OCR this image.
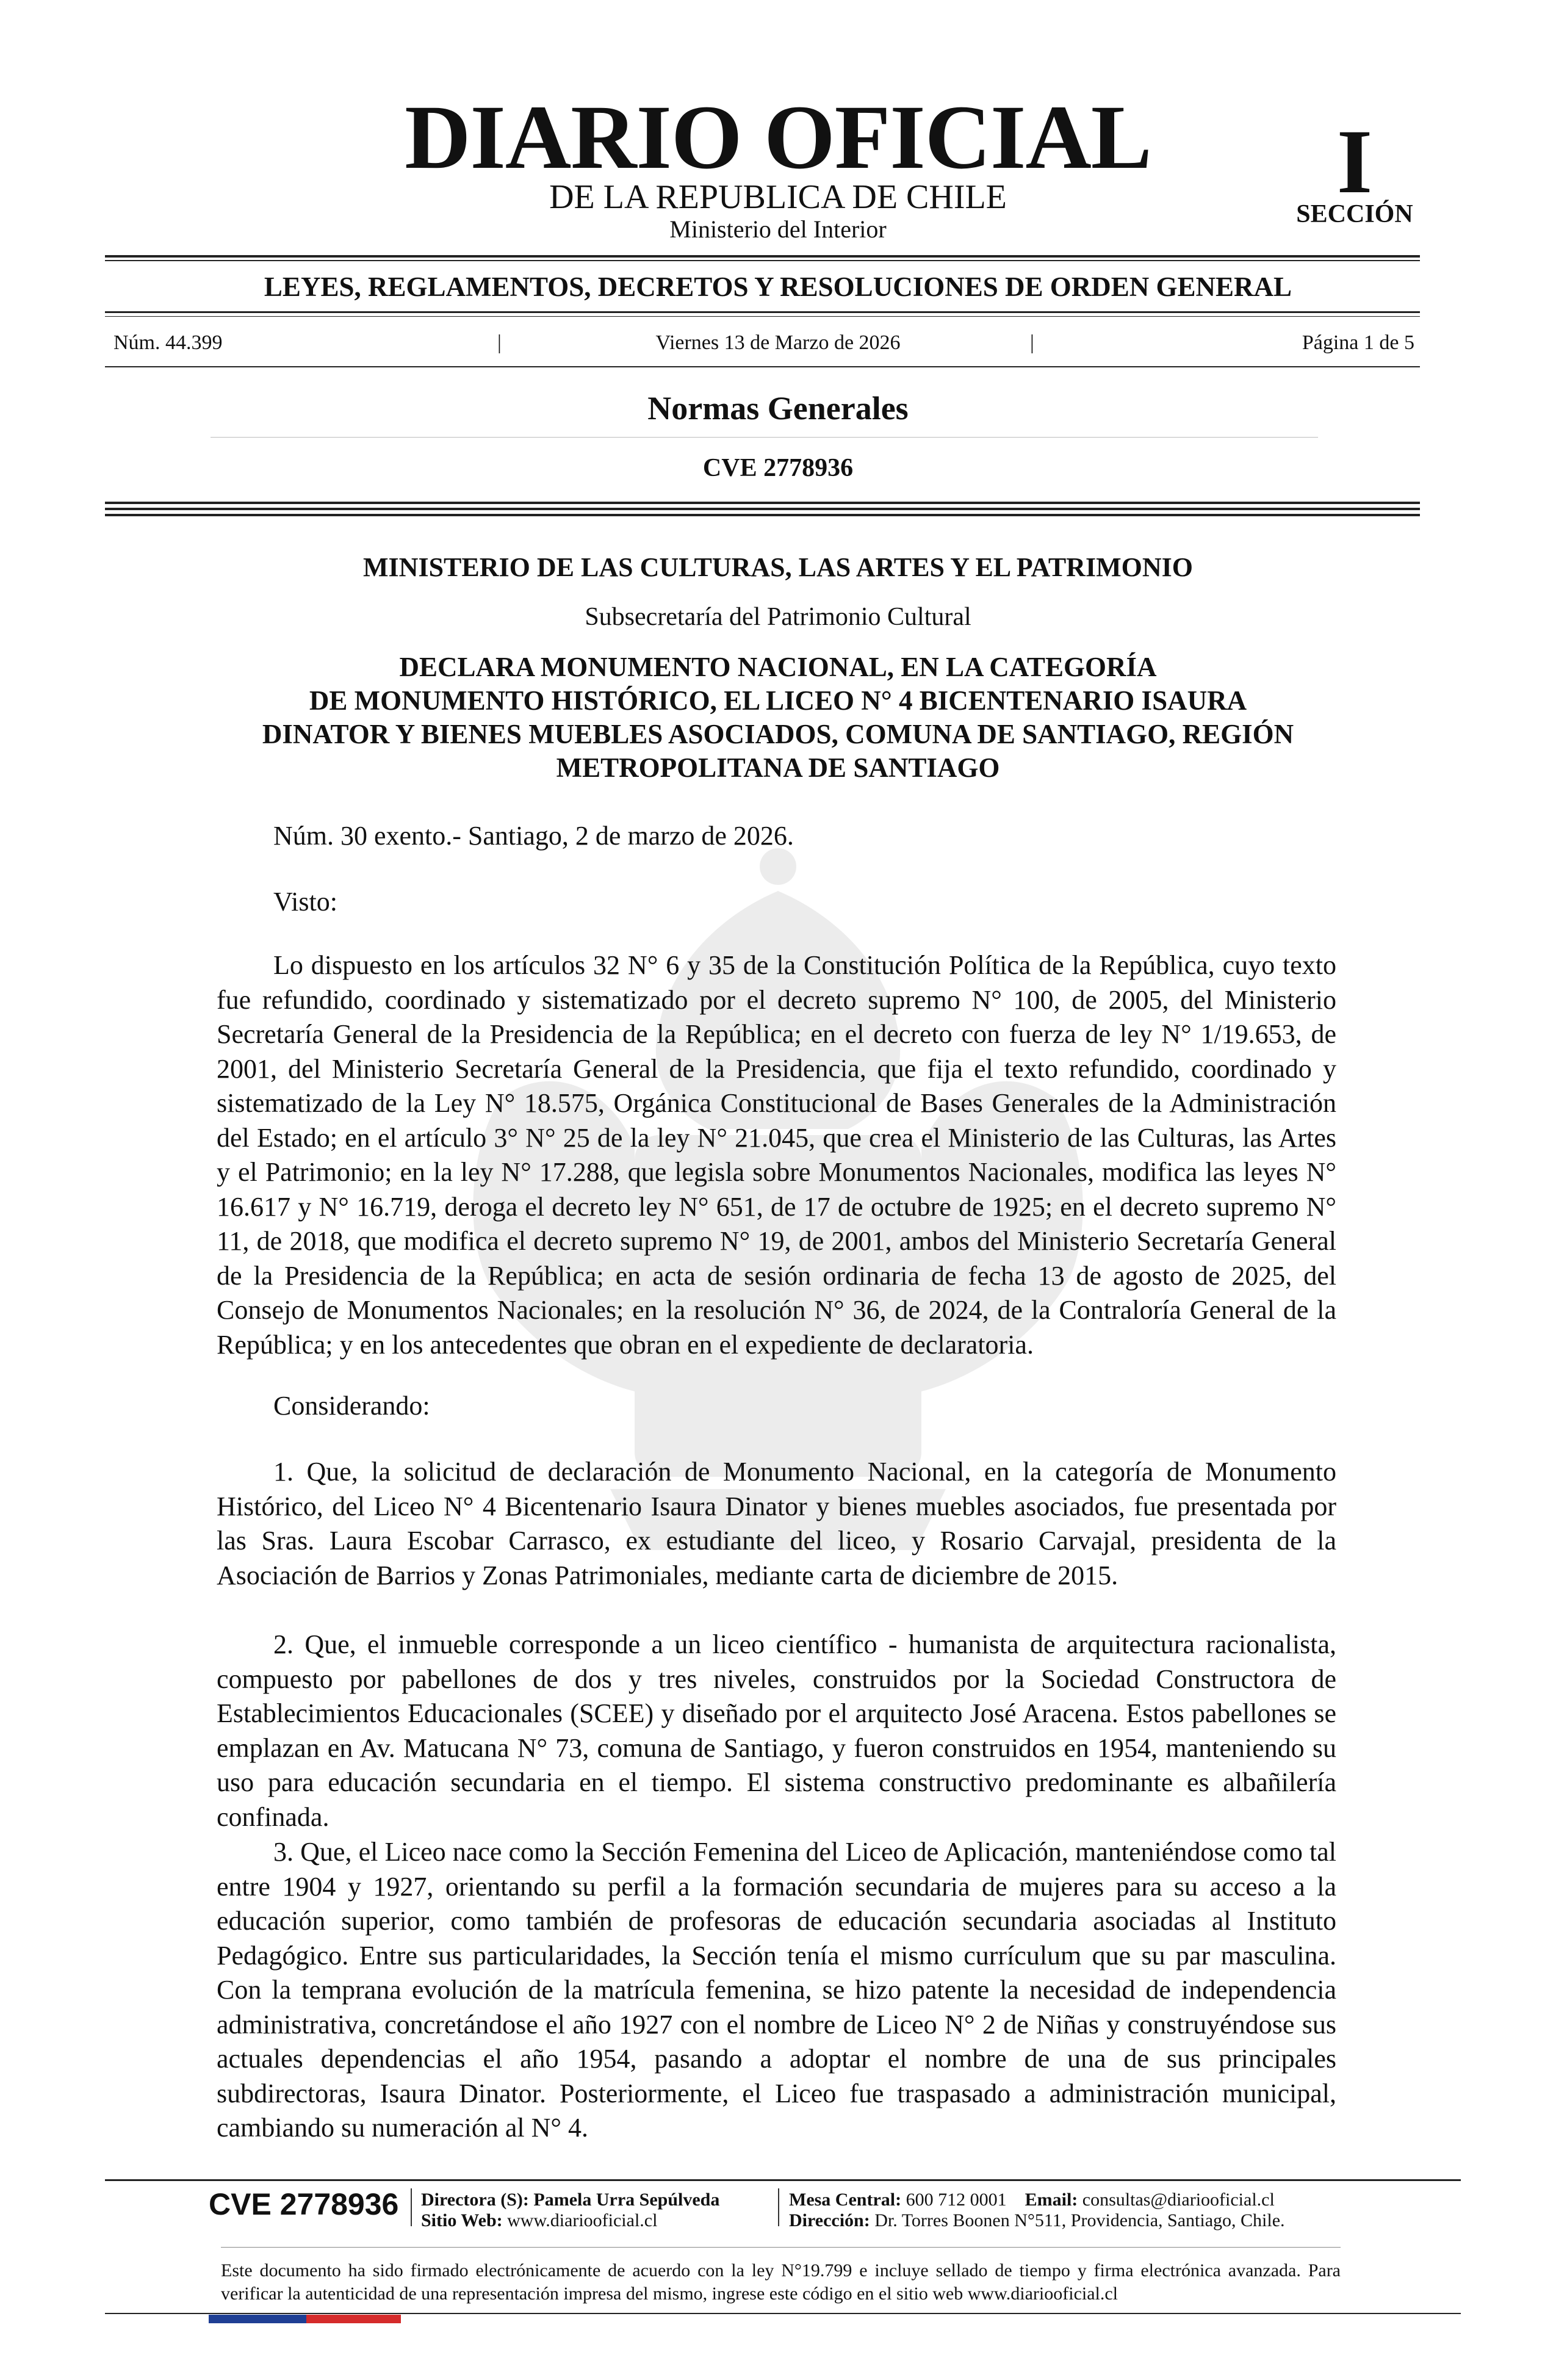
DIARIO OFICIAL
DE LA REPUBLICA DE CHILE
Ministerio del Interior
I
SECCIÓN
LEYES, REGLAMENTOS, DECRETOS Y RESOLUCIONES DE ORDEN GENERAL
Núm. 44.399	|	Viernes 13 de Marzo de 2026	|	Página 1 de 5
Normas Generales
CVE 2778936
MINISTERIO DE LAS CULTURAS, LAS ARTES Y EL PATRIMONIO
Subsecretaría del Patrimonio Cultural
DECLARA MONUMENTO NACIONAL, EN LA CATEGORÍA
DE MONUMENTO HISTÓRICO, EL LICEO N° 4 BICENTENARIO ISAURA
DINATOR Y BIENES MUEBLES ASOCIADOS, COMUNA DE SANTIAGO, REGIÓN
METROPOLITANA DE SANTIAGO
Núm. 30 exento.- Santiago, 2 de marzo de 2026.
Visto:
Lo dispuesto en los artículos 32 N° 6 y 35 de la Constitución Política de la República, cuyo texto fue refundido, coordinado y sistematizado por el decreto supremo N° 100, de 2005, del Ministerio Secretaría General de la Presidencia de la República; en el decreto con fuerza de ley N° 1/19.653, de 2001, del Ministerio Secretaría General de la Presidencia, que fija el texto refundido, coordinado y sistematizado de la Ley N° 18.575, Orgánica Constitucional de Bases Generales de la Administración del Estado; en el artículo 3° N° 25 de la ley N° 21.045, que crea el Ministerio de las Culturas, las Artes y el Patrimonio; en la ley N° 17.288, que legisla sobre Monumentos Nacionales, modifica las leyes N° 16.617 y N° 16.719, deroga el decreto ley N° 651, de 17 de octubre de 1925; en el decreto supremo N° 11, de 2018, que modifica el decreto supremo N° 19, de 2001, ambos del Ministerio Secretaría General de la Presidencia de la República; en acta de sesión ordinaria de fecha 13 de agosto de 2025, del Consejo de Monumentos Nacionales; en la resolución N° 36, de 2024, de la Contraloría General de la República; y en los antecedentes que obran en el expediente de declaratoria.
Considerando:
1. Que, la solicitud de declaración de Monumento Nacional, en la categoría de Monumento Histórico, del Liceo N° 4 Bicentenario Isaura Dinator y bienes muebles asociados, fue presentada por las Sras. Laura Escobar Carrasco, ex estudiante del liceo, y Rosario Carvajal, presidenta de la Asociación de Barrios y Zonas Patrimoniales, mediante carta de diciembre de 2015.
2. Que, el inmueble corresponde a un liceo científico - humanista de arquitectura racionalista, compuesto por pabellones de dos y tres niveles, construidos por la Sociedad Constructora de Establecimientos Educacionales (SCEE) y diseñado por el arquitecto José Aracena. Estos pabellones se emplazan en Av. Matucana N° 73, comuna de Santiago, y fueron construidos en 1954, manteniendo su uso para educación secundaria en el tiempo. El sistema constructivo predominante es albañilería confinada.
3. Que, el Liceo nace como la Sección Femenina del Liceo de Aplicación, manteniéndose como tal entre 1904 y 1927, orientando su perfil a la formación secundaria de mujeres para su acceso a la educación superior, como también de profesoras de educación secundaria asociadas al Instituto Pedagógico. Entre sus particularidades, la Sección tenía el mismo currículum que su par masculina. Con la temprana evolución de la matrícula femenina, se hizo patente la necesidad de independencia administrativa, concretándose el año 1927 con el nombre de Liceo N° 2 de Niñas y construyéndose sus actuales dependencias el año 1954, pasando a adoptar el nombre de una de sus principales subdirectoras, Isaura Dinator. Posteriormente, el Liceo fue traspasado a administración municipal, cambiando su numeración al N° 4.
CVE 2778936 Directora (S): Pamela Urra Sepúlveda
Sitio Web: www.diariooficial.cl
Mesa Central: 600 712 0001 Email: consultas@diariooficial.cl
Dirección: Dr. Torres Boonen N°511, Providencia, Santiago, Chile.
Este documento ha sido firmado electrónicamente de acuerdo con la ley N°19.799 e incluye sellado de tiempo y firma electrónica avanzada. Para verificar la autenticidad de una representación impresa del mismo, ingrese este código en el sitio web www.diariooficial.cl
